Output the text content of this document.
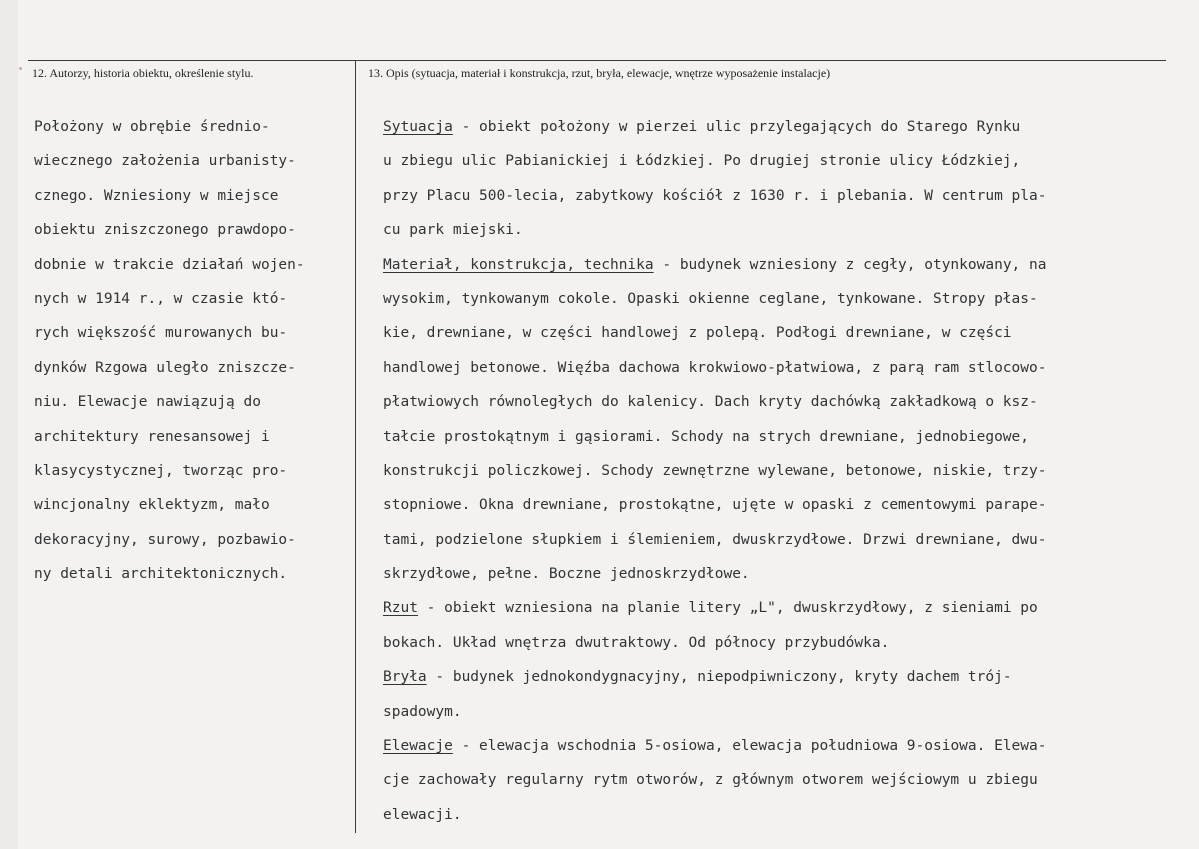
12. Autorzy, historia obiektu, określenie stylu.	13. Opis (sytuacja, materiał i konstrukcja, rzut, bryła, elewacje, wnętrze wyposażenie instalacje)
Położony w obrębie średnio-
wiecznego założenia urbanisty-
cznego. Wzniesiony w miejsce
obiektu zniszczonego prawdopo-
dobnie w trakcie działań wojen-
nych w 1914 r., w czasie któ-
rych większość murowanych bu-
dynków Rzgowa uległo zniszcze-
niu. Elewacje nawiązują do
architektury renesansowej i
klasycystycznej, tworząc pro-
wincjonalny eklektyzm, mało
dekoracyjny, surowy, pozbawio-
ny detali architektonicznych.
Sytuacja - obiekt położony w pierzei ulic przylegających do Starego Rynku
u zbiegu ulic Pabianickiej i Łódzkiej. Po drugiej stronie ulicy Łódzkiej,
przy Placu 500-lecia, zabytkowy kościół z 1630 r. i plebania. W centrum pla-
cu park miejski.
Materiał, konstrukcja, technika - budynek wzniesiony z cegły, otynkowany, na
wysokim, tynkowanym cokole. Opaski okienne ceglane, tynkowane. Stropy płas-
kie, drewniane, w części handlowej z polepą. Podłogi drewniane, w części
handlowej betonowe. Więźba dachowa krokwiowo-płatwiowa, z parą ram stlocowo-
płatwiowych równoległych do kalenicy. Dach kryty dachówką zakładkową o ksz-
tałcie prostokątnym i gąsiorami. Schody na strych drewniane, jednobiegowe,
konstrukcji policzkowej. Schody zewnętrzne wylewane, betonowe, niskie, trzy-
stopniowe. Okna drewniane, prostokątne, ujęte w opaski z cementowymi parape-
tami, podzielone słupkiem i ślemieniem, dwuskrzydłowe. Drzwi drewniane, dwu-
skrzydłowe, pełne. Boczne jednoskrzydłowe.
Rzut - obiekt wzniesiona na planie litery „L", dwuskrzydłowy, z sieniami po
bokach. Układ wnętrza dwutraktowy. Od północy przybudówka.
Bryła - budynek jednokondygnacyjny, niepodpiwniczony, kryty dachem trój-
spadowym.
Elewacje - elewacja wschodnia 5-osiowa, elewacja południowa 9-osiowa. Elewa-
cje zachowały regularny rytm otworów, z głównym otworem wejściowym u zbiegu
elewacji.
